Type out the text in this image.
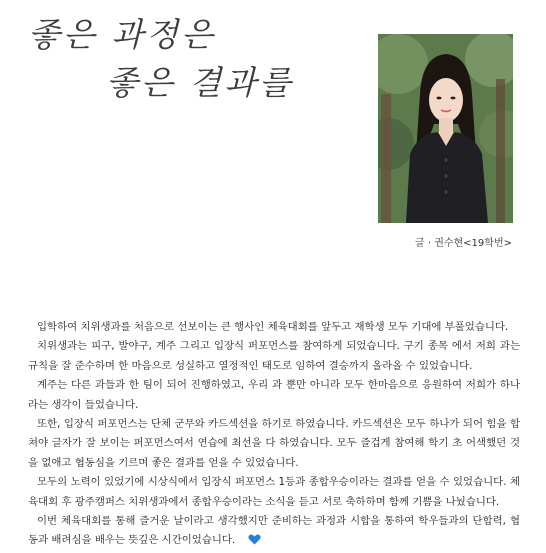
좋은 과정은
좋은 결과를
글 · 권수현<19학번>

입학하여 치위생과를 처음으로 선보이는 큰 행사인 체육대회를 앞두고 재학생 모두 기대에 부풀었습니다.

치위생과는 피구, 발야구, 계주 그리고 입장식 퍼포먼스를 참여하게 되었습니다. 구기 종목 에서 저희 과는 규칙을 잘 준수하며 한 마음으로 성실하고 열정적인 태도로 임하여 결승까지 올라올 수 있었습니다.

계주는 다른 과들과 한 팀이 되어 진행하였고, 우리 과 뿐만 아니라 모두 한마음으로 응원하여 저희가 하나라는 생각이 들었습니다.

또한, 입장식 퍼포먼스는 단체 군무와 카드섹션을 하기로 하였습니다. 카드섹션은 모두 하나가 되어 힘을 합쳐야 글자가 잘 보이는 퍼포먼스여서 연습에 최선을 다 하였습니다. 모두 즐겁게 참여해 학기 초 어색했던 것을 없애고 협동심을 기르며 좋은 결과를 얻을 수 있었습니다.

모두의 노력이 있었기에 시상식에서 입장식 퍼포먼스 1등과 종합우승이라는 결과를 얻을 수 있었습니다. 체육대회 후 광주캠퍼스 치위생과에서 종합우승이라는 소식을 듣고 서로 축하하며 함께 기쁨을 나눴습니다.

이번 체육대회를 통해 즐거운 날이라고 생각했지만 준비하는 과정과 시합을 통하여 학우들과의 단합력, 협동과 배려심을 배우는 뜻깊은 시간이었습니다.
